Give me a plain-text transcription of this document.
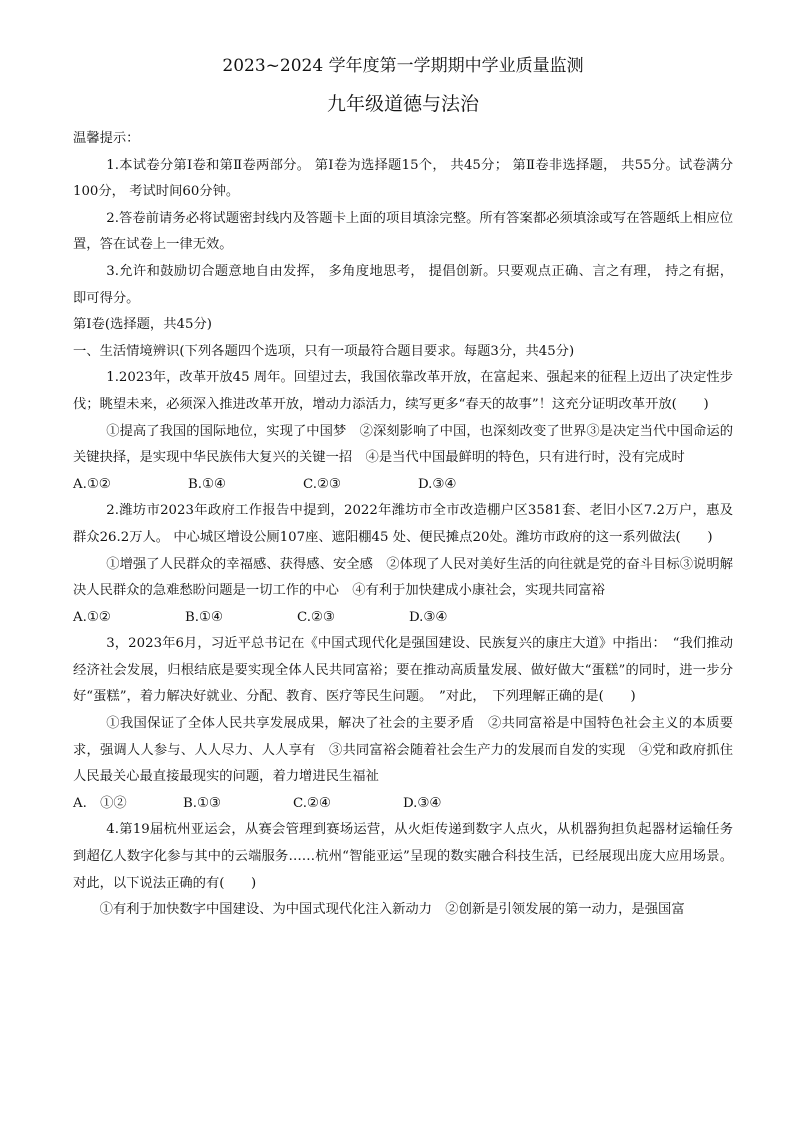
2023~2024 学年度第一学期期中学业质量监测
九年级道德与法治

温馨提示：

1.本试卷分第Ⅰ卷和第Ⅱ卷两部分。 第Ⅰ卷为选择题15个， 共45分； 第Ⅱ卷非选择题， 共55分。试卷满分100分， 考试时间60分钟。

2.答卷前请务必将试题密封线内及答题卡上面的项目填涂完整。所有答案都必须填涂或写在答题纸上相应位置，答在试卷上一律无效。

3.允许和鼓励切合题意地自由发挥， 多角度地思考， 提倡创新。只要观点正确、言之有理， 持之有据， 即可得分。

第Ⅰ卷(选择题，共45分)

一、生活情境辨识(下列各题四个选项，只有一项最符合题目要求。每题3分，共45分)

1.2023年，改革开放45 周年。回望过去，我国依靠改革开放，在富起来、强起来的征程上迈出了决定性步伐；眺望未来，必须深入推进改革开放，增动力添活力，续写更多“春天的故事”！这充分证明改革开放(　　)

①提高了我国的国际地位，实现了中国梦　②深刻影响了中国，也深刻改变了世界③是决定当代中国命运的关键抉择，是实现中华民族伟大复兴的关键一招　④是当代中国最鲜明的特色，只有进行时，没有完成时

A.①②	B.①④	C.②③	D.③④

2.潍坊市2023年政府工作报告中提到，2022年潍坊市全市改造棚户区3581套、老旧小区7.2万户，惠及群众26.2万人。 中心城区增设公厕107座、遮阳棚45 处、便民摊点20处。潍坊市政府的这一系列做法(　　)

①增强了人民群众的幸福感、获得感、安全感　②体现了人民对美好生活的向往就是党的奋斗目标③说明解决人民群众的急难愁盼问题是一切工作的中心　④有利于加快建成小康社会，实现共同富裕

A.①②	B.①④	C.②③	D.③④

3，2023年6月，习近平总书记在《中国式现代化是强国建设、民族复兴的康庄大道》中指出：　“我们推动经济社会发展，归根结底是要实现全体人民共同富裕；要在推动高质量发展、做好做大“蛋糕”的同时，进一步分好“蛋糕”，着力解决好就业、分配、教育、医疗等民生问题。　”对此，　下列理解正确的是(　　)

①我国保证了全体人民共享发展成果，解决了社会的主要矛盾　②共同富裕是中国特色社会主义的本质要求，强调人人参与、人人尽力、人人享有　③共同富裕会随着社会生产力的发展而自发的实现　④党和政府抓住人民最关心最直接最现实的问题，着力增进民生福祉

A.　①②	B.①③	C.②④	D.③④

4.第19届杭州亚运会，从赛会管理到赛场运营，从火炬传递到数字人点火，从机器狗担负起器材运输任务到超亿人数字化参与其中的云端服务……杭州“智能亚运”呈现的数实融合科技生活，已经展现出庞大应用场景。对此，以下说法正确的有(　　)

①有利于加快数字中国建设、为中国式现代化注入新动力　②创新是引领发展的第一动力，是强国富
